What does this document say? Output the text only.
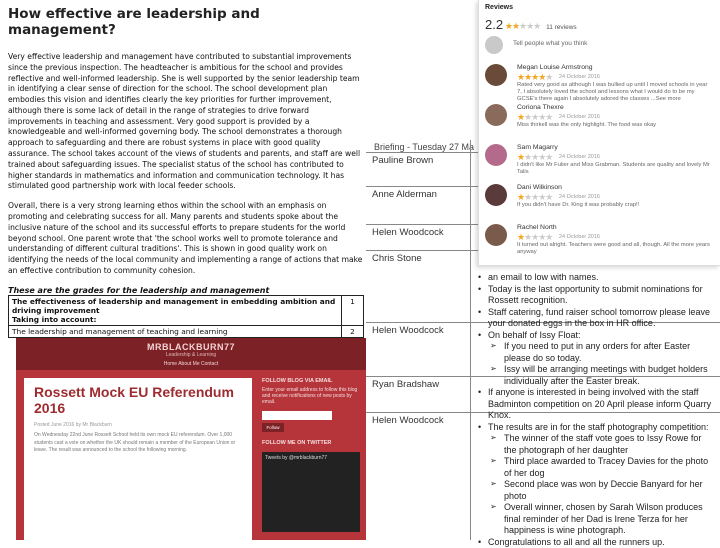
How effective are leadership and management?

Very effective leadership and management have contributed to substantial improvements since the previous inspection. The headteacher is ambitious for the school and provides reflective and well-informed leadership. She is well supported by the senior leadership team in identifying a clear sense of direction for the school. The school development plan embodies this vision and identifies clearly the key priorities for further improvement, although there is some lack of detail in the range of strategies to drive forward improvements in teaching and assessment. Very good support is provided by a knowledgeable and well-informed governing body. The school demonstrates a thorough approach to safeguarding and there are robust systems in place with good quality assurance. The school takes account of the views of students and parents, and staff are well trained about safeguarding issues. The specialist status of the school has contributed to higher standards in mathematics and information and communication technology. It has stimulated good partnership work with local feeder schools.

Overall, there is a very strong learning ethos within the school with an emphasis on promoting and celebrating success for all. Many parents and students spoke about the inclusive nature of the school and its successful efforts to prepare students for the world beyond school. One parent wrote that 'the school works well to promote tolerance and understanding of different cultural traditions'. This is shown in good quality work on identifying the needs of the local community and implementing a range of actions that make an effective contribution to community cohesion.

These are the grades for the leadership and management
The effectiveness of leadership and management in embedding ambition and driving improvement
Taking into account:	1
The leadership and management of teaching and learning	2
Briefing - Tuesday 27 Ma
Pauline Brown
Anne Alderman
Helen Woodcock
Chris Stone
Helen Woodcock
Ryan Bradshaw
Helen Woodcock
• an email to low with names.
• Today is the last opportunity to submit nominations for Rossett recognition.
• Staff catering, fund raiser school tomorrow please leave your donated eggs in the box in HR office.
• On behalf of Issy Float:
➢ If you need to put in any orders for after Easter please do so today.
➢ Issy will be arranging meetings with budget holders individually after the Easter break.
• If anyone is interested in being involved with the staff Badminton competition on 20 April please inform Quarry Knox.
• The results are in for the staff photography competition:
➢ The winner of the staff vote goes to Issy Rowe for the photograph of her daughter
➢ Third place awarded to Tracey Davies for the photo of her dog
➢ Second place was won by Deccie Banyard for her photo
➢ Overall winner, chosen by Sarah Wilson produces final reminder of her Dad is Irene Terza for her happiness is wine photograph.
• Congratulations to all and all the runners up.
Reviews
2.2 ★★★★★ 11 reviews
Tell people what you think
Megan Louise Armstrong
★★★★★ 24 October 2016
Rated very good as although I was bullied up until I moved schools in year 7, I absolutely loved the school and lessons what I would do to be my GCSE's there again I absolutely adored the classes ...See more
Coriona Thexre
★★★★★ 24 October 2016
Miss thirkell was the only highlight. The food was okay
Sam Magarry
★★★★★ 24 October 2016
I didn't like Mr Fulier and Miss Grabman. Students are quality and lovely Mr Talis
Dani Wilkinson
★★★★★ 24 October 2016
If you didn't have Dr. King it was probably crap!!
Rachel North
★★★★★ 24 October 2016
It turned out alright. Teachers were good and all, though. All the more years anyway
MRBLACKBURN77
Leadership & Learning
Home About Me Contact
Rossett Mock EU Referendum 2016
Posted June 2016 by Mr Blackburn
On Wednesday 22nd June Rossett School held its own mock EU referendum. Over 1,000 students cast a vote on whether the UK should remain a member of the European Union or leave. The result was announced to the school the following morning.
FOLLOW BLOG VIA EMAIL
Enter your email address to follow this blog and receive notifications of new posts by email.
Follow
FOLLOW ME ON TWITTER
Tweets by @mrblackburn77
